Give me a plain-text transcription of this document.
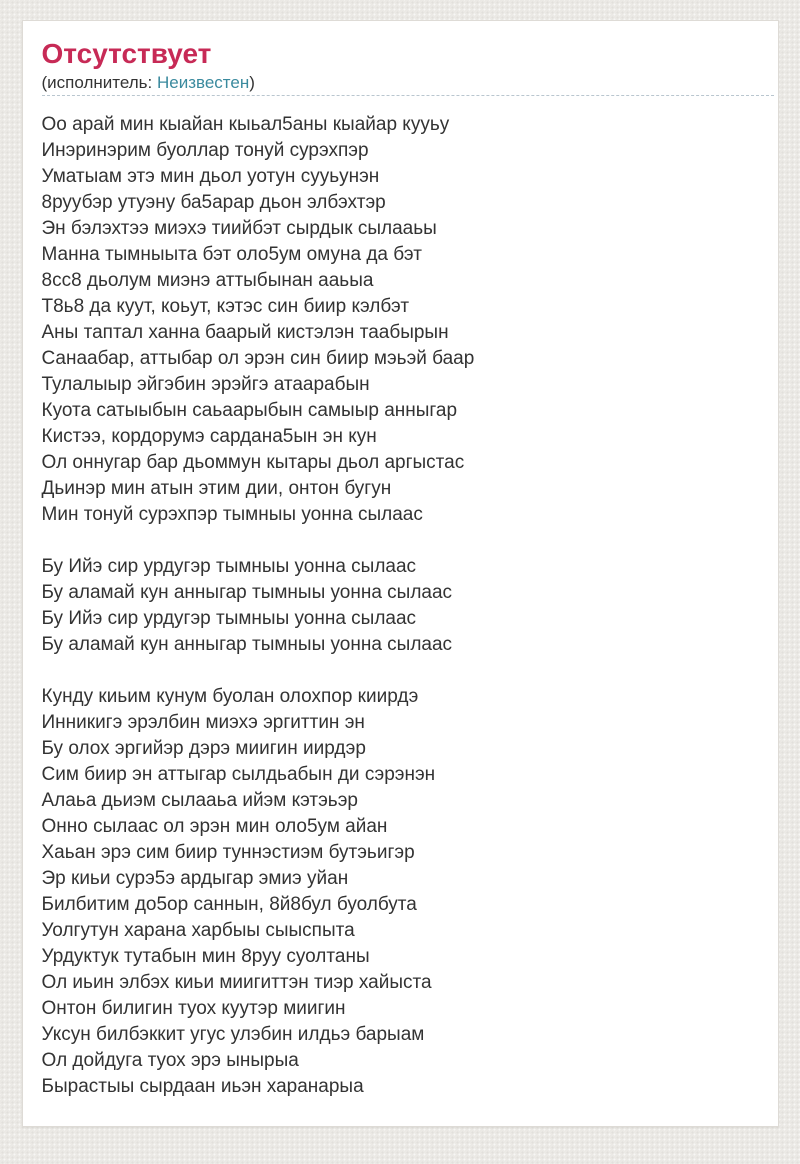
Отсутствует
(исполнитель: Неизвестен)
Оо арай мин кыайан кыьал5аны кыайар кууьу
Инэринэрим буоллар тонуй сурэхпэр
Уматыам этэ мин дьол уотун сууьунэн
8руубэр утуэну ба5арар дьон элбэхтэр
Эн бэлэхтээ миэхэ тиийбэт сырдык сылааьы
Манна тымныыта бэт оло5ум омуна да бэт
8сс8 дьолум миэнэ аттыбынан ааьыа
Т8ь8 да куут, коьут, кэтэс син биир кэлбэт
Аны таптал ханна баарый кистэлэн таабырын
Санаабар, аттыбар ол эрэн син биир мэьэй баар
Тулалыыр эйгэбин эрэйгэ атаарабын
Куота сатыыбын саьаарыбын самыыр анныгар
Кистээ, кордорумэ сардана5ын эн кун
Ол оннугар бар дьоммун кытары дьол аргыстас
Дьинэр мин атын этим дии, онтон бугун
Мин тонуй сурэхпэр тымныы уонна сылаас
Бу Ийэ сир урдугэр тымныы уонна сылаас
Бу аламай кун анныгар тымныы уонна сылаас
Бу Ийэ сир урдугэр тымныы уонна сылаас
Бу аламай кун анныгар тымныы уонна сылаас
Кунду киьим кунум буолан олохпор киирдэ
Инникигэ эрэлбин миэхэ эргиттин эн
Бу олох эргийэр дэрэ миигин иирдэр
Сим биир эн аттыгар сылдьабын ди сэрэнэн
Алаьа дьиэм сылааьа ийэм кэтэьэр
Онно сылаас ол эрэн мин оло5ум айан
Хаьан эрэ сим биир туннэстиэм бутэьигэр
Эр киьи сурэ5э ардыгар эмиэ уйан
Билбитим до5ор саннын, 8й8бул буолбута
Уолгутун харана харбыы сыыспыта
Урдуктук тутабын мин 8руу суолтаны
Ол иьин элбэх киьи миигиттэн тиэр хайыста
Онтон билигин туох куутэр миигин
Уксун билбэккит угус улэбин илдьэ барыам
Ол дойдуга туох эрэ ынырыа
Бырастыы сырдаан иьэн харанарыа
